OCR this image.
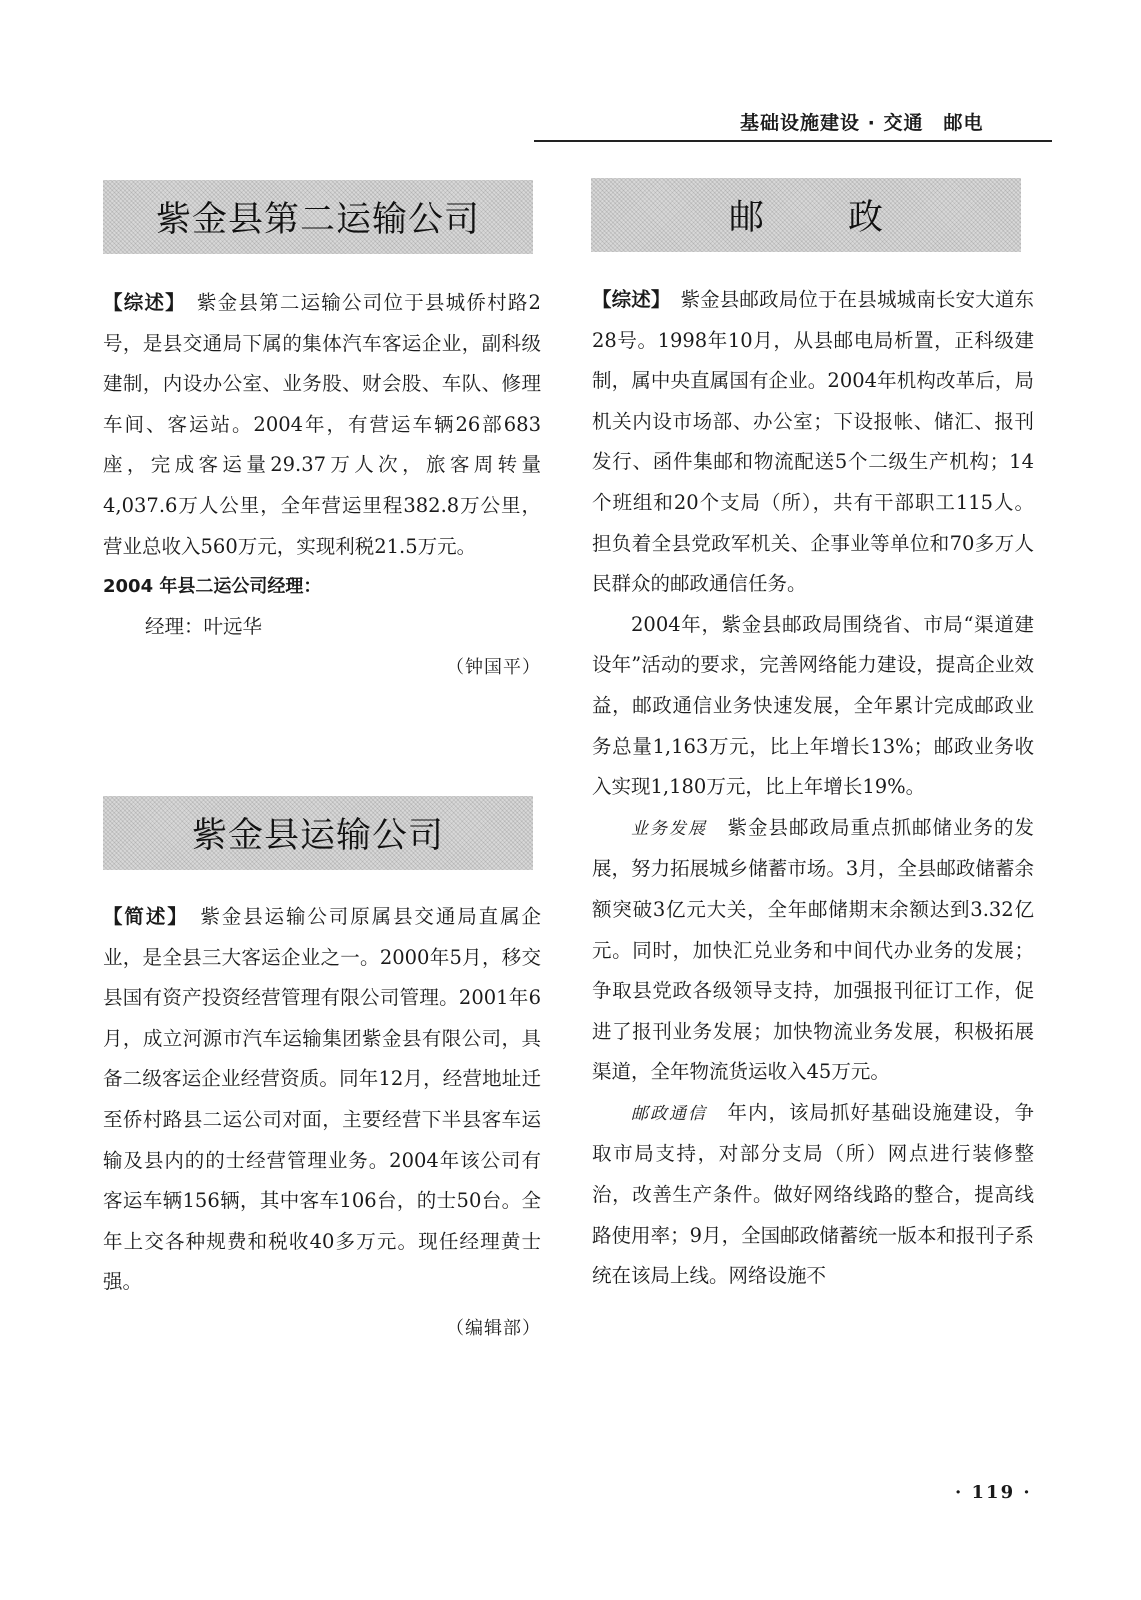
基础设施建设 · 交通　邮电
紫金县第二运输公司

【综述】　 紫金县第二运输公司位于县城侨村路2号，是县交通局下属的集体汽车客运企业，副科级建制，内设办公室、业务股、财会股、车队、修理车间、客运站。2004年，有营运车辆26部683座，完成客运量29.37万人次，旅客周转量4,037.6万人公里，全年营运里程382.8万公里，营业总收入560万元，实现利税21.5万元。

2004 年县二运公司经理：

经理：叶远华

（钟国平）
紫金县运输公司

【简述】　 紫金县运输公司原属县交通局直属企业，是全县三大客运企业之一。2000年5月，移交县国有资产投资经营管理有限公司管理。2001年6月，成立河源市汽车运输集团紫金县有限公司，具备二级客运企业经营资质。同年12月，经营地址迁至侨村路县二运公司对面，主要经营下半县客车运输及县内的的士经营管理业务。2004年该公司有客运车辆156辆，其中客车106台，的士50台。全年上交各种规费和税收40多万元。现任经理黄士强。

（编辑部）
邮政

【综述】　 紫金县邮政局位于在县城城南长安大道东28号。1998年10月，从县邮电局析置，正科级建制，属中央直属国有企业。2004年机构改革后，局机关内设市场部、办公室；下设报帐、储汇、报刊发行、函件集邮和物流配送5个二级生产机构；14个班组和20个支局（所），共有干部职工115人。担负着全县党政军机关、企事业等单位和70多万人民群众的邮政通信任务。

2004年，紫金县邮政局围绕省、市局“渠道建设年”活动的要求，完善网络能力建设，提高企业效益，邮政通信业务快速发展，全年累计完成邮政业务总量1,163万元，比上年增长13%；邮政业务收入实现1,180万元，比上年增长19%。

业务发展　 紫金县邮政局重点抓邮储业务的发展，努力拓展城乡储蓄市场。3月，全县邮政储蓄余额突破3亿元大关，全年邮储期末余额达到3.32亿元。同时，加快汇兑业务和中间代办业务的发展；争取县党政各级领导支持，加强报刊征订工作，促进了报刊业务发展；加快物流业务发展，积极拓展渠道，全年物流货运收入45万元。

邮政通信　 年内，该局抓好基础设施建设，争取市局支持，对部分支局（所）网点进行装修整治，改善生产条件。做好网络线路的整合，提高线路使用率；9月，全国邮政储蓄统一版本和报刊子系统在该局上线。网络设施不

· 119 ·
